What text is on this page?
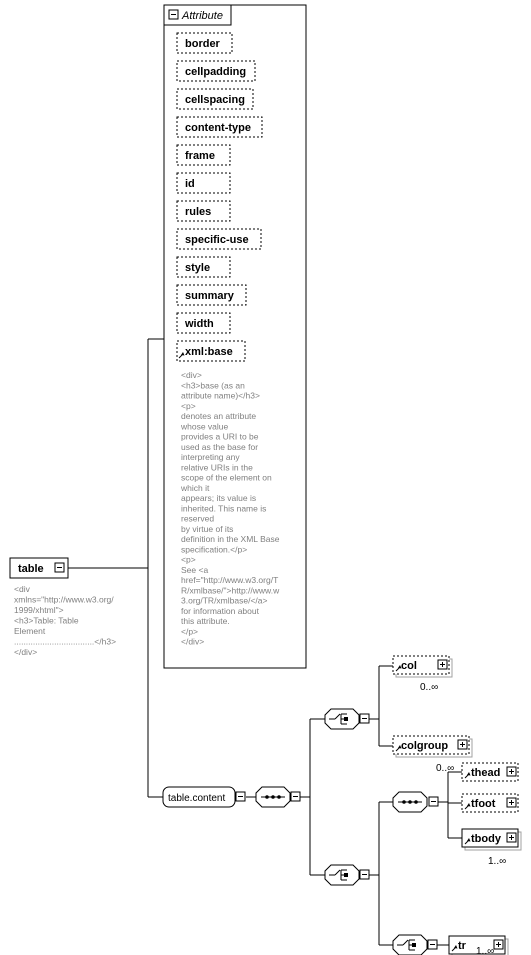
Attribute
border
cellpadding
cellspacing
content-type
frame
id
rules
specific-use
style
summary
width
xml:base
<div>
<h3>base (as an
attribute name)</h3>
<p>
denotes an attribute
whose value
provides a URI to be
used as the base for
interpreting any
relative URIs in the
scope of the element on
which it
appears; its value is
inherited. This name is
reserved
by virtue of its
definition in the XML Base
specification.</p>
<p>
See <a
href="http://www.w3.org/T
R/xmlbase/">http://www.w
3.org/TR/xmlbase/</a>
for information about
this attribute.
</p>
</div>
table
<div
xmlns="http://www.w3.org/
1999/xhtml">
<h3>Table: Table
Element
..................................</h3>
</div>
table.content
col
0..∞
colgroup
0..∞ thead
tfoot
tbody
1..∞
tr 1..∞
